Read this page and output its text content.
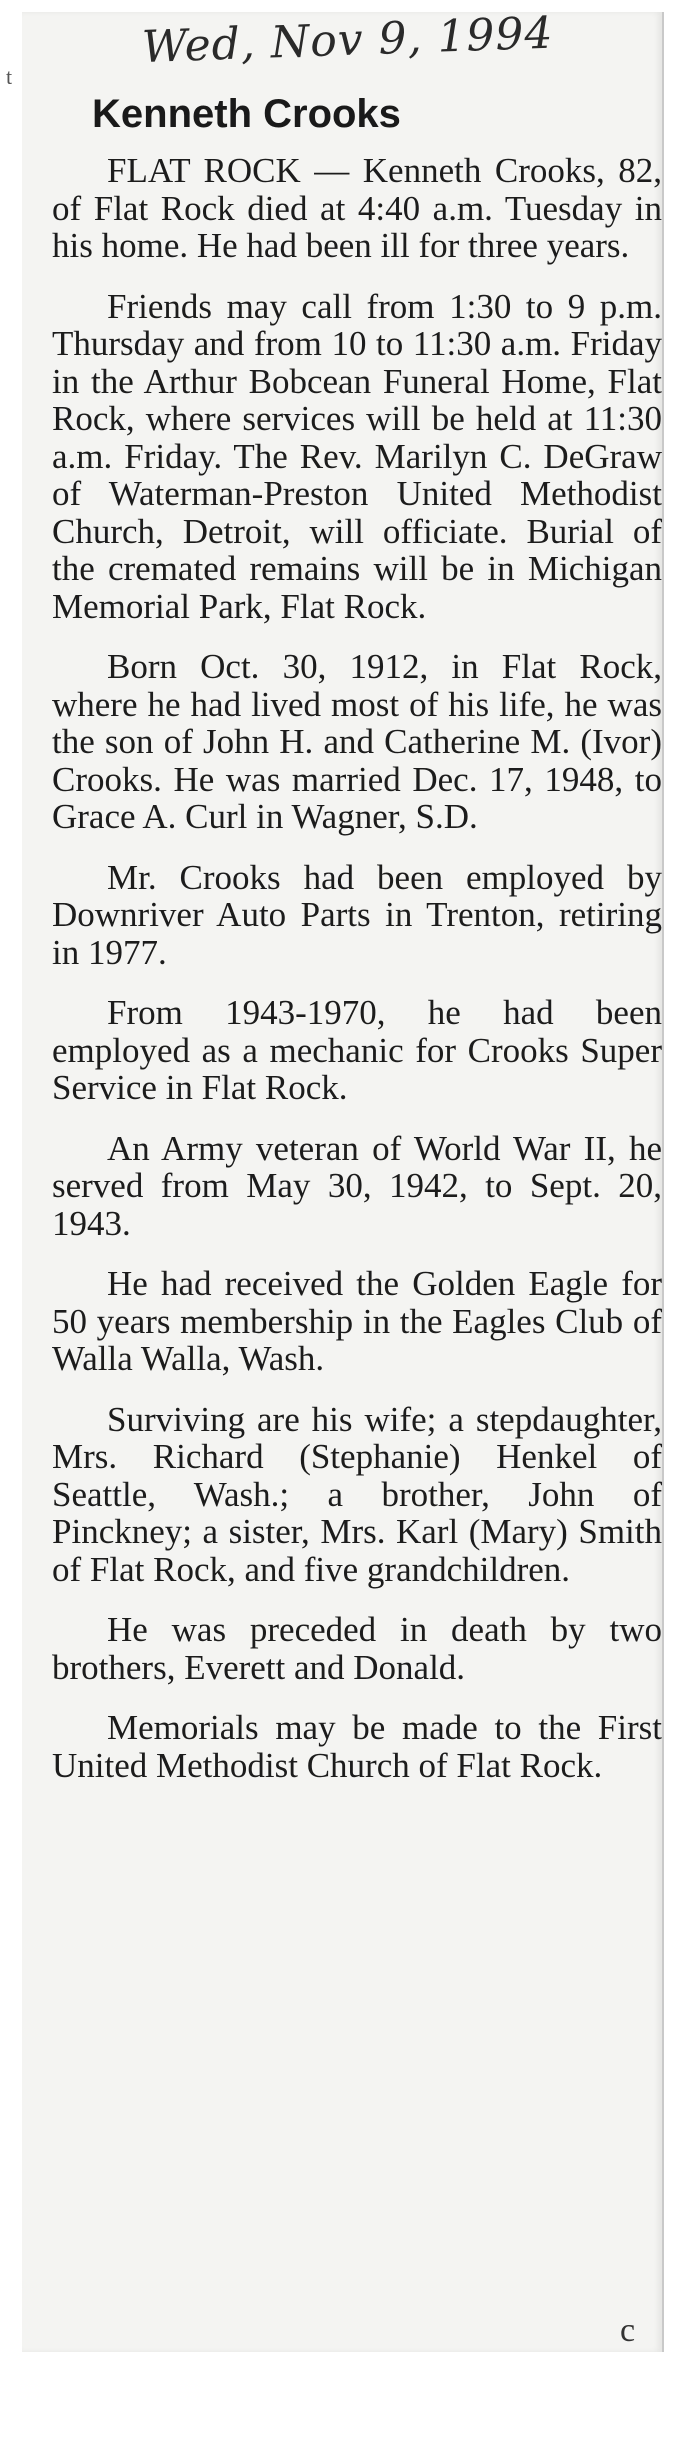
Wed, Nov 9, 1994
Kenneth Crooks

FLAT ROCK — Kenneth Crooks, 82, of Flat Rock died at 4:40 a.m. Tuesday in his home. He had been ill for three years.

Friends may call from 1:30 to 9 p.m. Thursday and from 10 to 11:30 a.m. Friday in the Arthur Bobcean Funeral Home, Flat Rock, where services will be held at 11:30 a.m. Friday. The Rev. Marilyn C. DeGraw of Waterman-Preston United Methodist Church, Detroit, will officiate. Burial of the cremated remains will be in Michigan Memorial Park, Flat Rock.

Born Oct. 30, 1912, in Flat Rock, where he had lived most of his life, he was the son of John H. and Catherine M. (Ivor) Crooks. He was married Dec. 17, 1948, to Grace A. Curl in Wagner, S.D.

Mr. Crooks had been employed by Downriver Auto Parts in Trenton, retiring in 1977.

From 1943-1970, he had been employed as a mechanic for Crooks Super Service in Flat Rock.

An Army veteran of World War II, he served from May 30, 1942, to Sept. 20, 1943.

He had received the Golden Eagle for 50 years membership in the Eagles Club of Walla Walla, Wash.

Surviving are his wife; a stepdaughter, Mrs. Richard (Stephanie) Henkel of Seattle, Wash.; a brother, John of Pinckney; a sister, Mrs. Karl (Mary) Smith of Flat Rock, and five grandchildren.

He was preceded in death by two brothers, Everett and Donald.

Memorials may be made to the First United Methodist Church of Flat Rock.

c
t
